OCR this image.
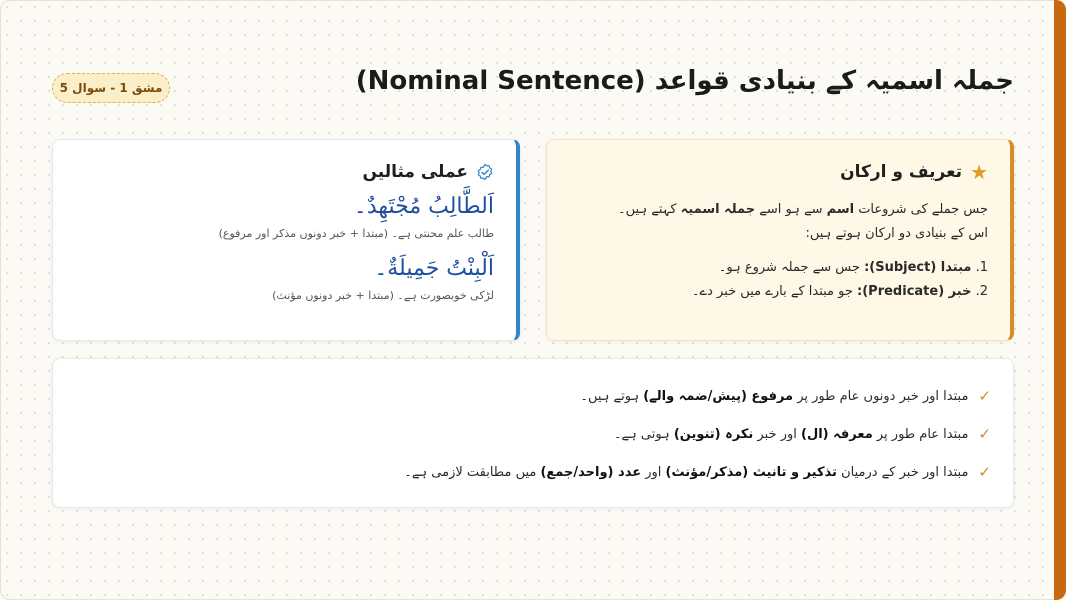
جملہ اسمیہ کے بنیادی قواعد (Nominal Sentence)
مشق 1 - سوال 5
★
تعریف و ارکان
جس جملے کی شروعات اسم سے ہو اسے جملہ اسمیہ کہتے ہیں۔
اس کے بنیادی دو ارکان ہوتے ہیں:
1. مبتدا (Subject): جس سے جملہ شروع ہو۔
2. خبر (Predicate): جو مبتدا کے بارے میں خبر دے۔
عملی مثالیں
اَلطَّالِبُ مُجْتَهِدٌ۔
طالب علم محنتی ہے۔ (مبتدا + خبر دونوں مذکر اور مرفوع)
اَلْبِنْتُ جَمِيلَةٌ۔
لڑکی خوبصورت ہے۔ (مبتدا + خبر دونوں مؤنث)
✓
مبتدا اور خبر دونوں عام طور پر مرفوع (پیش/ضمہ والے) ہوتے ہیں۔
✓
مبتدا عام طور پر معرفہ (ال) اور خبر نکرہ (تنوین) ہوتی ہے۔
✓
مبتدا اور خبر کے درمیان تذکیر و تانیث (مذکر/مؤنث) اور عدد (واحد/جمع) میں مطابقت لازمی ہے۔
